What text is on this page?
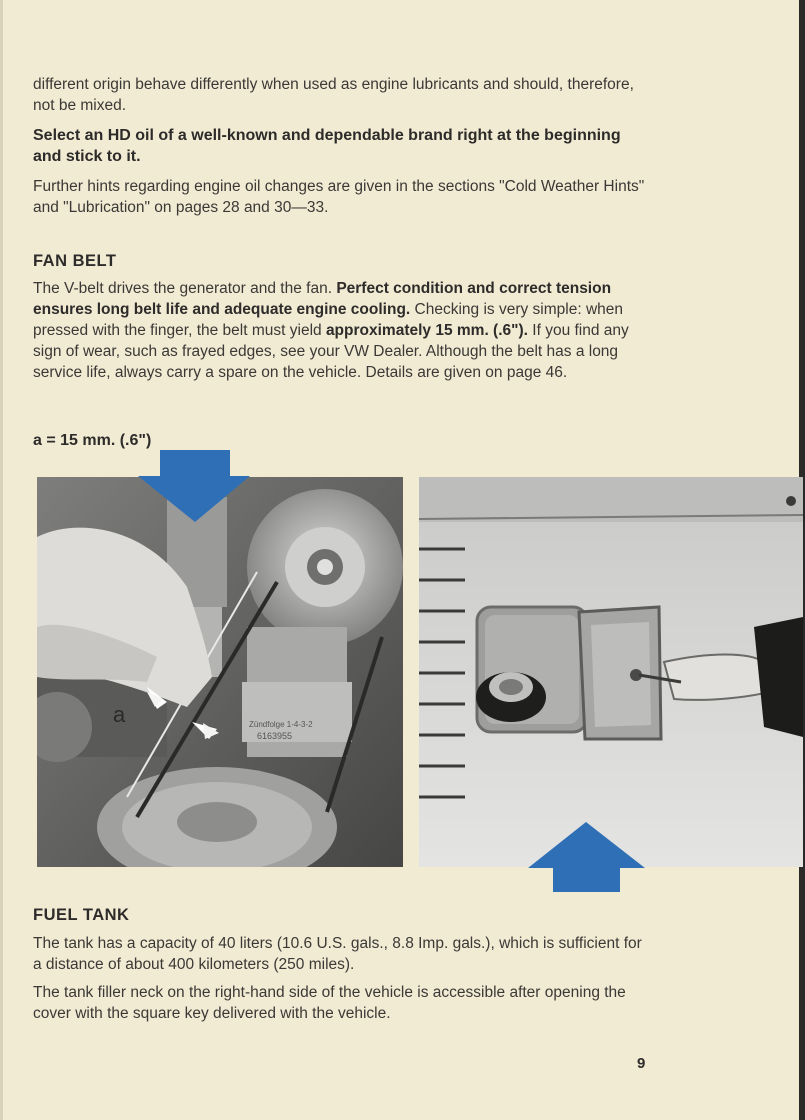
different origin behave differently when used as engine lubricants and should, therefore, not be mixed.

Select an HD oil of a well-known and dependable brand right at the beginning and stick to it.

Further hints regarding engine oil changes are given in the sections "Cold Weather Hints" and "Lubrication" on pages 28 and 30—33.

FAN BELT

The V-belt drives the generator and the fan. Perfect condition and correct tension ensures long belt life and adequate engine cooling. Checking is very simple: when pressed with the finger, the belt must yield approximately 15 mm. (.6"). If you find any sign of wear, such as frayed edges, see your VW Dealer. Although the belt has a long service life, always carry a spare on the vehicle. Details are given on page 46.

a = 15 mm. (.6")
Zündfolge 1-4-3-2
6163955
a
FUEL TANK

The tank has a capacity of 40 liters (10.6 U.S. gals., 8.8 Imp. gals.), which is sufficient for a distance of about 400 kilometers (250 miles).

The tank filler neck on the right-hand side of the vehicle is accessible after opening the cover with the square key delivered with the vehicle.

9
